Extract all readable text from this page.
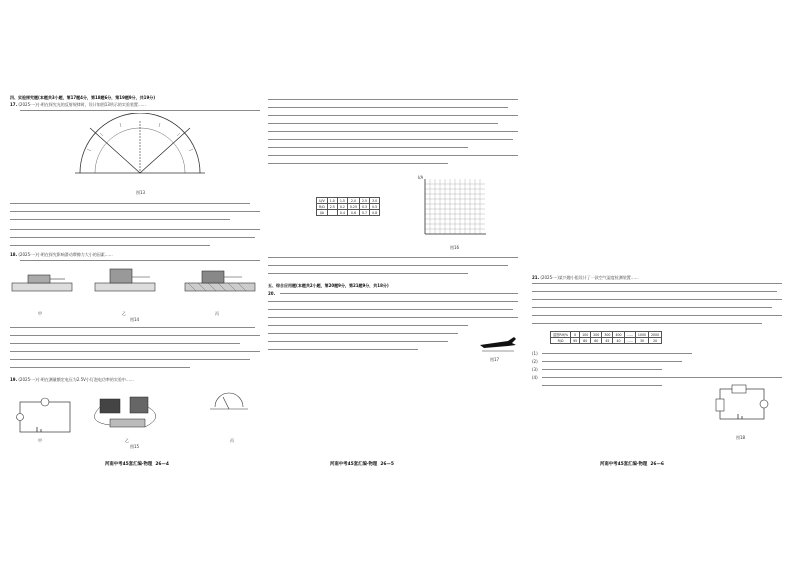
四、实验探究题(本题共3小题，第17题4分，第18题6分，第19题9分，共19分)
17. (2025····)小明在探究光的反射规律时，设计如图13所示的实验装置……
图13
18. (2025····)小明在探究影响滑动摩擦力大小的因素……
甲	乙	丙
图14
19. (2025····)小明在测量额定电压为2.5V小灯泡电功率的实验中……
甲	乙	丙
图15
河南中考45套汇编·物理 26—4
U/V	1.0	1.5	2.0	2.5	3.0
R/Ω	2.5	0.2	0.25	0.3	0.5
I/A		0.4	0.6	0.7	0.8
I/A
图16
五、综合应用题(本题共2小题，第20题9分，第21题9分，共18分)
20.
图17
河南中考45套汇编·物理 26—5
21. (2025····)某兴趣小组设计了一款空气湿度检测装置……
湿度RH/%	0	100	200	300	400	……	1000	2000
R/Ω	95	80	60	45	40	……	30	20
(1)
(2)
(3)
(4)
图18
河南中考45套汇编·物理 26—6
